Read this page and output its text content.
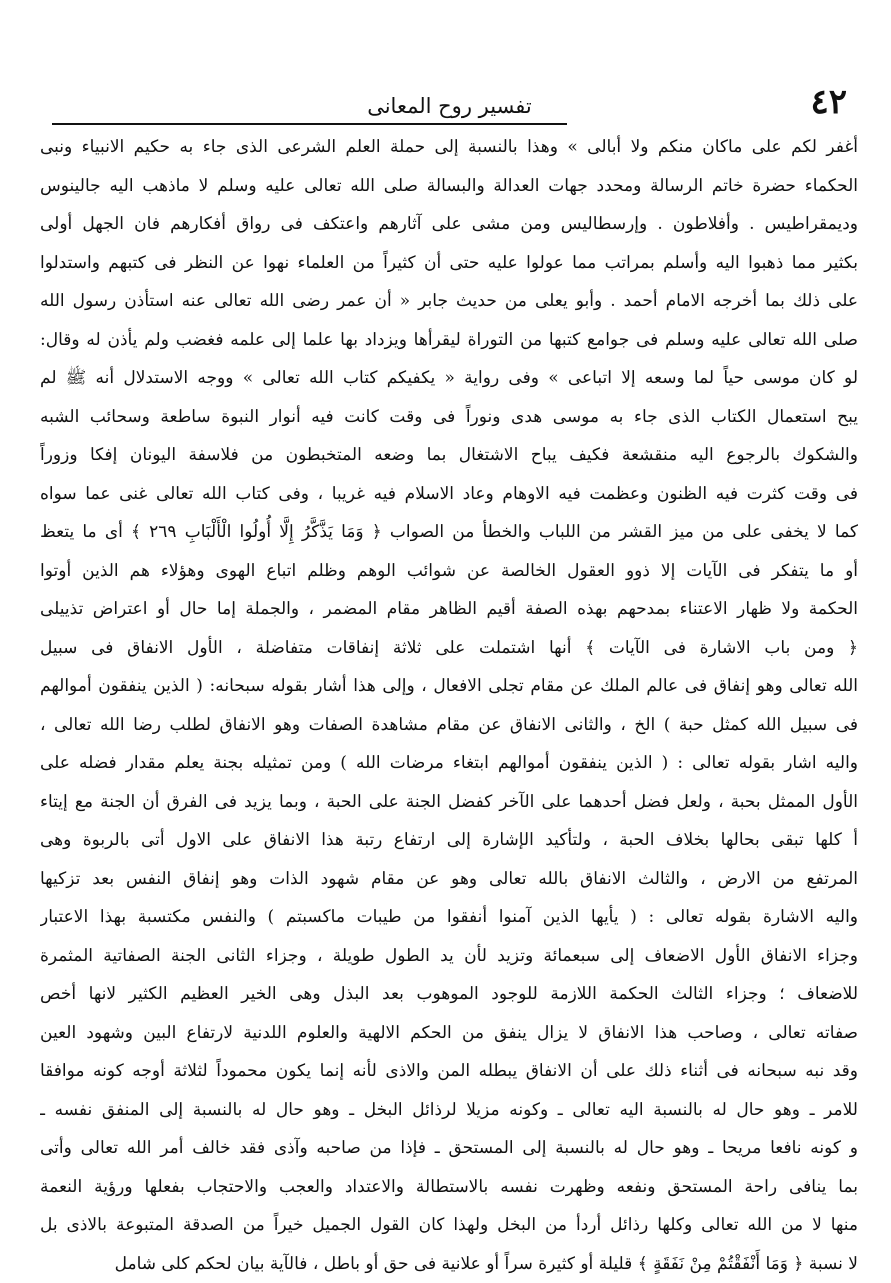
٤٢
تفسير روح المعانى
أغفر لكم على ماكان منكم ولا أبالى » وهذا بالنسبة إلى حملة العلم الشرعى الذى جاء به حكيم الانبياء ونبى
الحكماء حضرة خاتم الرسالة ومحدد جهات العدالة والبسالة صلى الله تعالى عليه وسلم لا ماذهب اليه جالينوس
وديمقراطيس . وأفلاطون . وإرسطاليس ومن مشى على آثارهم واعتكف فى رواق أفكارهم فان الجهل أولى
بكثير مما ذهبوا اليه وأسلم بمراتب مما عولوا عليه حتى أن كثيراً من العلماء نهوا عن النظر فى كتبهم واستدلوا
على ذلك بما أخرجه الامام أحمد . وأبو يعلى من حديث جابر « أن عمر رضى الله تعالى عنه استأذن رسول الله
صلى الله تعالى عليه وسلم فى جوامع كتبها من التوراة ليقرأها ويزداد بها علما إلى علمه فغضب ولم يأذن له وقال:
لو كان موسى حياً لما وسعه إلا اتباعى » وفى رواية « يكفيكم كتاب الله تعالى » ووجه الاستدلال أنه ﷺ لم
يبح استعمال الكتاب الذى جاء به موسى هدى ونوراً فى وقت كانت فيه أنوار النبوة ساطعة وسحائب الشبه
والشكوك بالرجوع اليه منقشعة فكيف يباح الاشتغال بما وضعه المتخبطون من فلاسفة اليونان إفكا وزوراً
فى وقت كثرت فيه الظنون وعظمت فيه الاوهام وعاد الاسلام فيه غريبا ، وفى كتاب الله تعالى غنى عما سواه
كما لا يخفى على من ميز القشر من اللباب والخطأ من الصواب ﴿ وَمَا يَذَّكَّرُ إِلَّا أُولُوا الْأَلْبَابِ ٢٦٩ ﴾ أى ما يتعظ
أو ما يتفكر فى الآيات إلا ذوو العقول الخالصة عن شوائب الوهم وظلم اتباع الهوى وهؤلاء هم الذين أوتوا
الحكمة ولا ظهار الاعتناء بمدحهم بهذه الصفة أقيم الظاهر مقام المضمر ، والجملة إما حال أو اعتراض تذييلى
﴿ ومن باب الاشارة فى الآيات ﴾ أنها اشتملت على ثلاثة إنفاقات متفاضلة ، الأول الانفاق فى سبيل
الله تعالى وهو إنفاق فى عالم الملك عن مقام تجلى الافعال ، وإلى هذا أشار بقوله سبحانه: ( الذين ينفقون أموالهم
فى سبيل الله كمثل حبة ) الخ ، والثانى الانفاق عن مقام مشاهدة الصفات وهو الانفاق لطلب رضا الله تعالى ،
واليه اشار بقوله تعالى : ( الذين ينفقون أموالهم ابتغاء مرضات الله ) ومن تمثيله بجنة يعلم مقدار فضله على
الأول الممثل بحبة ، ولعل فضل أحدهما على الآخر كفضل الجنة على الحبة ، وبما يزيد فى الفرق أن الجنة مع إيتاء
أ كلها تبقى بحالها بخلاف الحبة ، ولتأكيد الإشارة إلى ارتفاع رتبة هذا الانفاق على الاول أتى بالربوة وهى
المرتفع من الارض ، والثالث الانفاق بالله تعالى وهو عن مقام شهود الذات وهو إنفاق النفس بعد تزكيها
واليه الاشارة بقوله تعالى : ( يأيها الذين آمنوا أنفقوا من طيبات ماكسبتم ) والنفس مكتسبة بهذا الاعتبار
وجزاء الانفاق الأول الاضعاف إلى سبعمائة وتزيد لأن يد الطول طويلة ، وجزاء الثانى الجنة الصفاتية المثمرة
للاضعاف ؛ وجزاء الثالث الحكمة اللازمة للوجود الموهوب بعد البذل وهى الخير العظيم الكثير لانها أخص
صفاته تعالى ، وصاحب هذا الانفاق لا يزال ينفق من الحكم الالهية والعلوم اللدنية لارتفاع البين وشهود العين
وقد نبه سبحانه فى أثناء ذلك على أن الانفاق يبطله المن والاذى لأنه إنما يكون محموداً لثلاثة أوجه كونه موافقا
للامر ـ وهو حال له بالنسبة اليه تعالى ـ وكونه مزيلا لرذائل البخل ـ وهو حال له بالنسبة إلى المنفق نفسه ـ
و كونه نافعا مريحا ـ وهو حال له بالنسبة إلى المستحق ـ فإذا من صاحبه وآذى فقد خالف أمر الله تعالى وأتى
بما ينافى راحة المستحق ونفعه وظهرت نفسه بالاستطالة والاعتداد والعجب والاحتجاب بفعلها ورؤية النعمة
منها لا من الله تعالى وكلها رذائل أردأ من البخل ولهذا كان القول الجميل خيراً من الصدقة المتبوعة بالاذى بل
لا نسبة ﴿ وَمَا أَنْفَقْتُمْ مِنْ نَفَقَةٍ ﴾ قليلة أو كثيرة سراً أو علانية فى حق أو باطل ، فالآية بيان لحكم كلى شامل
